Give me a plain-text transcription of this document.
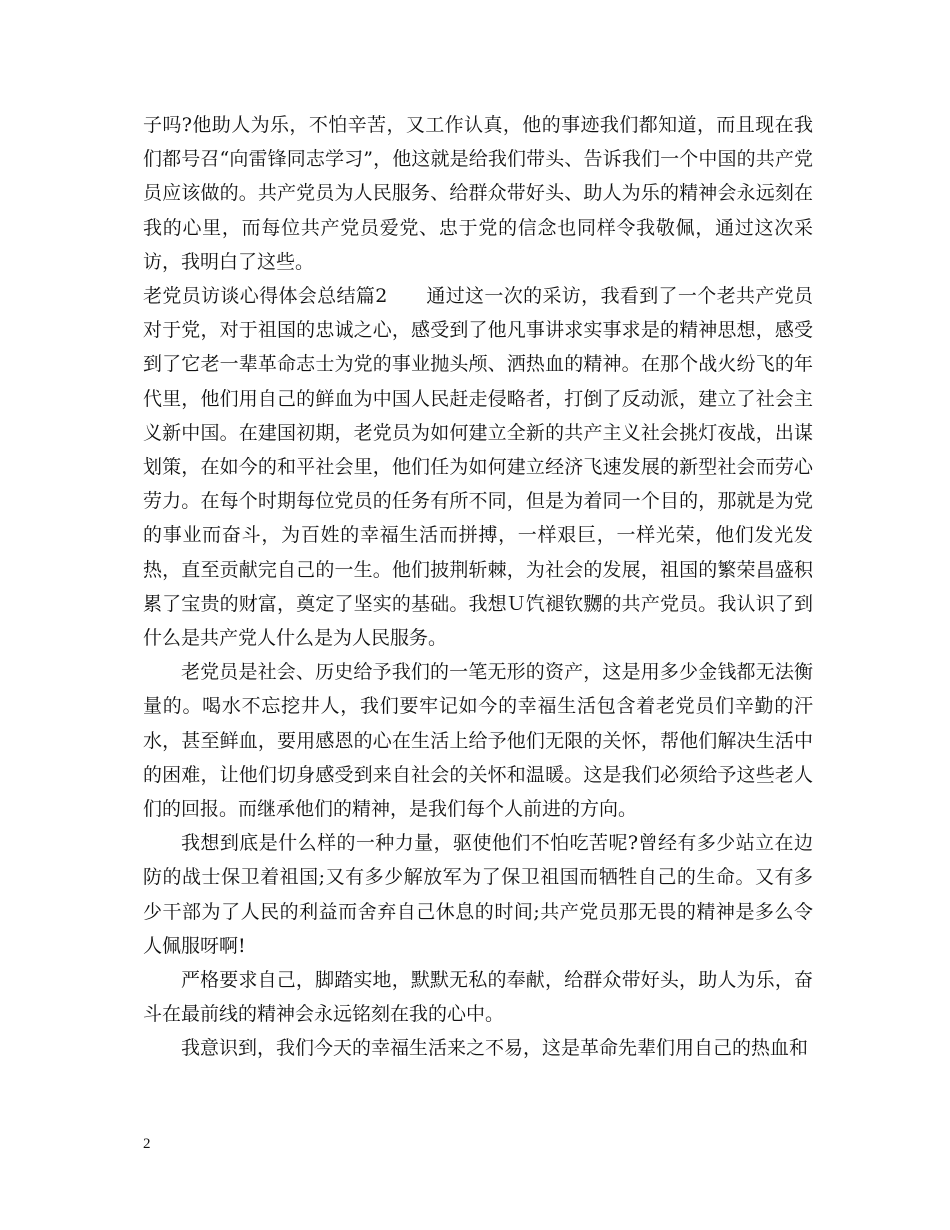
子吗?他助人为乐，不怕辛苦，又工作认真，他的事迹我们都知道，而且现在我们都号召“向雷锋同志学习”，他这就是给我们带头、告诉我们一个中国的共产党员应该做的。共产党员为人民服务、给群众带好头、助人为乐的精神会永远刻在我的心里，而每位共产党员爱党、忠于党的信念也同样令我敬佩，通过这次采访，我明白了这些。

老党员访谈心得体会总结篇2　　通过这一次的采访，我看到了一个老共产党员对于党，对于祖国的忠诚之心，感受到了他凡事讲求实事求是的精神思想，感受到了它老一辈革命志士为党的事业抛头颅、洒热血的精神。在那个战火纷飞的年代里，他们用自己的鲜血为中国人民赶走侵略者，打倒了反动派，建立了社会主义新中国。在建国初期，老党员为如何建立全新的共产主义社会挑灯夜战，出谋划策，在如今的和平社会里，他们任为如何建立经济飞速发展的新型社会而劳心劳力。在每个时期每位党员的任务有所不同，但是为着同一个目的，那就是为党的事业而奋斗，为百姓的幸福生活而拼搏，一样艰巨，一样光荣，他们发光发热，直至贡献完自己的一生。他们披荆斩棘，为社会的发展，祖国的繁荣昌盛积累了宝贵的财富，奠定了坚实的基础。我想Ｕ饩褪钦嬲的共产党员。我认识了到什么是共产党人什么是为人民服务。

老党员是社会、历史给予我们的一笔无形的资产，这是用多少金钱都无法衡量的。喝水不忘挖井人，我们要牢记如今的幸福生活包含着老党员们辛勤的汗水，甚至鲜血，要用感恩的心在生活上给予他们无限的关怀，帮他们解决生活中的困难，让他们切身感受到来自社会的关怀和温暖。这是我们必须给予这些老人们的回报。而继承他们的精神，是我们每个人前进的方向。

我想到底是什么样的一种力量，驱使他们不怕吃苦呢?曾经有多少站立在边防的战士保卫着祖国;又有多少解放军为了保卫祖国而牺牲自己的生命。又有多少干部为了人民的利益而舍弃自己休息的时间;共产党员那无畏的精神是多么令人佩服呀啊!

严格要求自己，脚踏实地，默默无私的奉献，给群众带好头，助人为乐，奋斗在最前线的精神会永远铭刻在我的心中。

我意识到，我们今天的幸福生活来之不易，这是革命先辈们用自己的热血和

2
